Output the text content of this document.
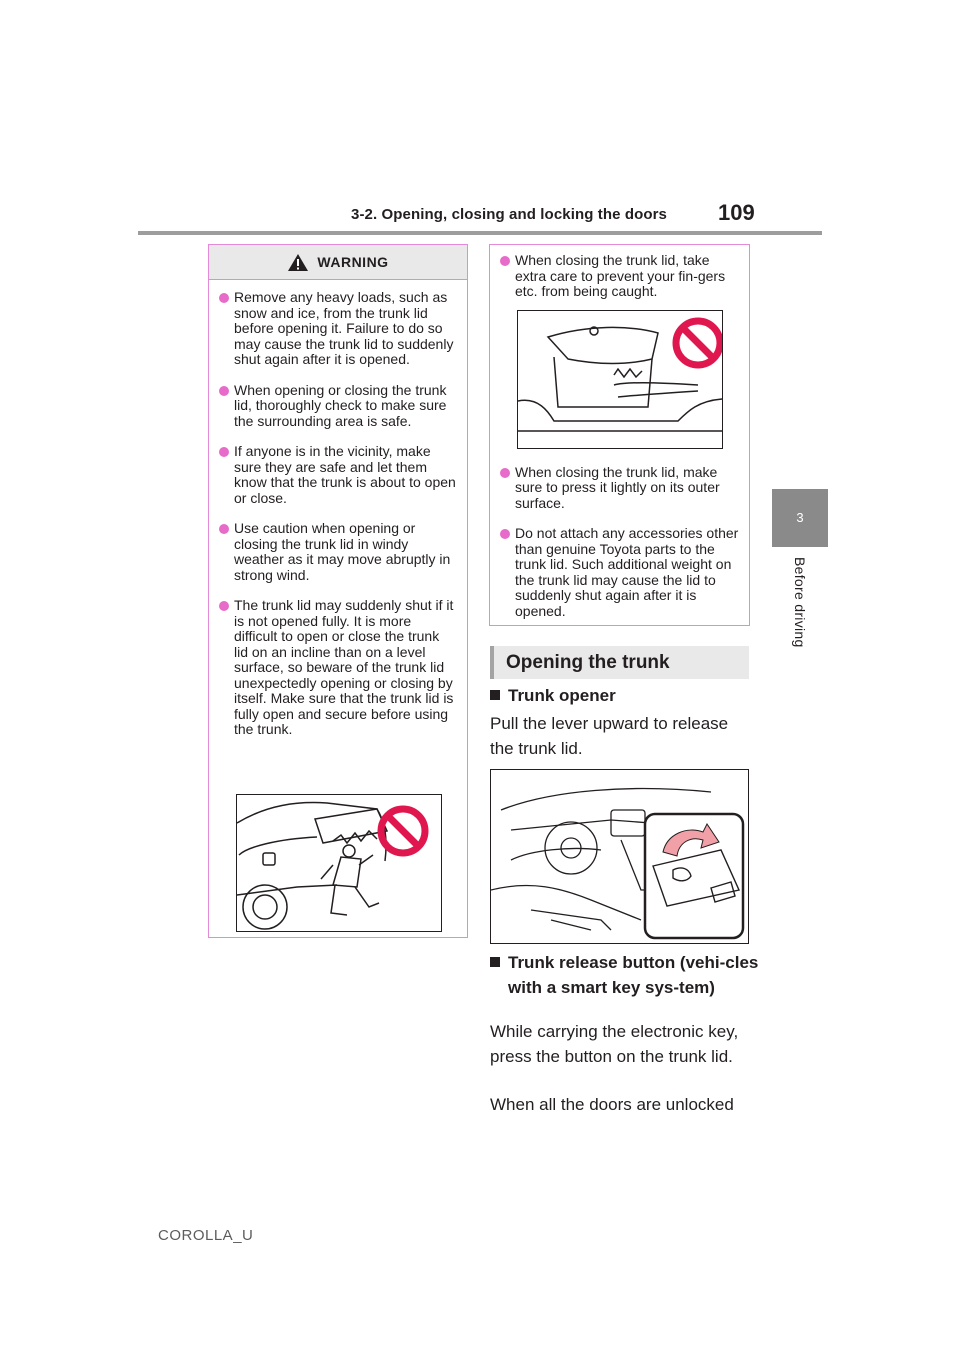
3-2. Opening, closing and locking the doors 109
3
Before driving
WARNING
Remove any heavy loads, such as snow and ice, from the trunk lid before opening it. Failure to do so may cause the trunk lid to suddenly shut again after it is opened.
When opening or closing the trunk lid, thoroughly check to make sure the surrounding area is safe.
If anyone is in the vicinity, make sure they are safe and let them know that the trunk is about to open or close.
Use caution when opening or closing the trunk lid in windy weather as it may move abruptly in strong wind.
The trunk lid may suddenly shut if it is not opened fully. It is more difficult to open or close the trunk lid on an incline than on a level surface, so beware of the trunk lid unexpectedly opening or closing by itself. Make sure that the trunk lid is fully open and secure before using the trunk.
When closing the trunk lid, take extra care to prevent your fin-gers etc. from being caught.
When closing the trunk lid, make sure to press it lightly on its outer surface.
Do not attach any accessories other than genuine Toyota parts to the trunk lid. Such additional weight on the trunk lid may cause the lid to suddenly shut again after it is opened.
Opening the trunk
Trunk opener
Pull the lever upward to release the trunk lid.
Trunk release button (vehi-cles with a smart key sys-tem)
While carrying the electronic key, press the button on the trunk lid.
When all the doors are unlocked
COROLLA_U
